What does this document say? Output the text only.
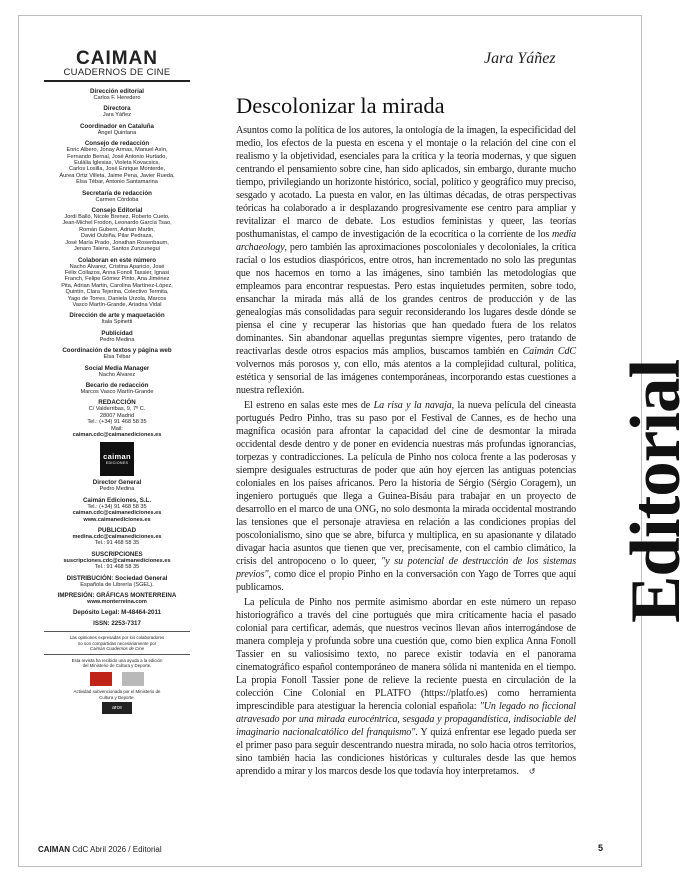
CAIMAN
CUADERNOS DE CINE
Dirección editorial
Carlos F. Heredero
Directora
Jara Yáñez
Coordinador en Cataluña
Àngel Quintana
Consejo de redacción
Enric Albero, Jonay Armas, Manuel Asín,
Fernando Bernal, José Antonio Hurtado,
Eulàlia Iglesias, Violeta Kovacsics,
Carlos Losilla, José Enrique Monterde,
Áurea Ortiz Villeta, Jaime Pena, Javier Rueda,
Elsa Tébar, Antonio Santamarina
Secretaría de redacción
Carmen Córdoba
Consejo Editorial
Jordi Balló, Nicole Brenez, Roberto Cueto,
Jean-Michel Frodon, Leonardo García Tsao,
Román Gubern, Adrian Martin,
David Oubiña, Pilar Pedraza,
José María Prado, Jonathan Rosenbaum,
Jenaro Talens, Santos Zunzunegui
Colaboran en este número
Nacho Álvarez, Cristina Aparicio, José
Félix Collazos, Anna Fonoll Tassier, Ignasi
Franch, Felipe Gómez Pinto, Ana Jiménez
Pita, Adrian Martin, Carolina Martínez-López,
Quintín, Clara Tejerina, Colectivo Termita,
Yago de Torres, Daniela Urzola, Marcos
Vasco Martín-Grande, Ariadna Vidal
Dirección de arte y maquetación
Itala Spinetti
Publicidad
Pedro Medina
Coordinación de textos y página web
Elsa Tébar
Social Media Manager
Nacho Álvarez
Becario de redacción
Marcos Vasco Martín-Grande
REDACCIÓN
C/ Valderribas, 9, 7º C.
28007 Madrid
Tel.: (+34) 91 468 58 35
Mail:
caiman.cdc@caimanediciones.es
caiman
EDICIONES
Director General
Pedro Medina
Caimán Ediciones, S.L.
Tel.: (+34) 91 468 58 35
caiman.cdc@caimanediciones.es
www.caimanediciones.es
PUBLICIDAD
medina.cdc@caimanediciones.es
Tel.: 91 468 58 35
SUSCRIPCIONES
suscripciones.cdc@caimanediciones.es
Tel.: 91 468 58 35
DISTRIBUCIÓN: Sociedad General
Española de Librería (SGEL).
IMPRESIÓN: GRÁFICAS MONTERREINA
www.monterreina.com
Depósito Legal: M-48464-2011
ISSN: 2253-7317
Las opiniones expresadas por los colaboradores
no son compartidas necesariamente por
Caimán Cuadernos de Cine
Esta revista ha recibido una ayuda a la edición
del Ministerio de Cultura y Deporte.
Actividad subvencionada por el Ministerio de
Cultura y Deporte.
arce
Jara Yáñez
Editorial
Descolonizar la mirada

Asuntos como la política de los autores, la ontología de la imagen, la especificidad del medio, los efectos de la puesta en escena y el montaje o la relación del cine con el realismo y la objetividad, esenciales para la crítica y la teoría modernas, y que siguen centrando el pensamiento sobre cine, han sido aplicados, sin embargo, durante mucho tiempo, privilegiando un horizonte histórico, social, político y geográfico muy preciso, sesgado y acotado. La puesta en valor, en las últimas décadas, de otras perspectivas teóricas ha colaborado a ir desplazando progresivamente ese centro para ampliar y revitalizar el marco de debate. Los estudios feministas y queer, las teorías posthumanistas, el campo de investigación de la ecocrítica o la corriente de los media archaeology, pero también las aproximaciones poscoloniales y decoloniales, la crítica racial o los estudios diaspóricos, entre otros, han incrementado no solo las preguntas que nos hacemos en torno a las imágenes, sino también las metodologías que empleamos para encontrar respuestas. Pero estas inquietudes permiten, sobre todo, ensanchar la mirada más allá de los grandes centros de producción y de las genealogías más consolidadas para seguir reconsiderando los lugares desde dónde se piensa el cine y recuperar las historias que han quedado fuera de los relatos dominantes. Sin abandonar aquellas preguntas siempre vigentes, pero tratando de reactivarlas desde otros espacios más amplios, buscamos también en Caimán CdC volvernos más porosos y, con ello, más atentos a la complejidad cultural, política, estética y sensorial de las imágenes contemporáneas, incorporando estas cuestiones a nuestra reflexión.

El estreno en salas este mes de La risa y la navaja, la nueva película del cineasta portugués Pedro Pinho, tras su paso por el Festival de Cannes, es de hecho una magnífica ocasión para afrontar la capacidad del cine de desmontar la mirada occidental desde dentro y de poner en evidencia nuestras más profundas ignorancias, torpezas y contradicciones. La película de Pinho nos coloca frente a las poderosas y siempre desiguales estructuras de poder que aún hoy ejercen las antiguas potencias coloniales en los países africanos. Pero la historia de Sérgio (Sérgio Coragem), un ingeniero portugués que llega a Guinea-Bisáu para trabajar en un proyecto de desarrollo en el marco de una ONG, no solo desmonta la mirada occidental mostrando las tensiones que el personaje atraviesa en relación a las condiciones propias del poscolonialismo, sino que se abre, bifurca y multiplica, en su apasionante y dilatado divagar hacia asuntos que tienen que ver, precisamente, con el cambio climático, la crisis del antropoceno o lo queer, "y su potencial de destrucción de los sistemas previos", como dice el propio Pinho en la conversación con Yago de Torres que aquí publicamos.

La película de Pinho nos permite asimismo abordar en este número un repaso historiográfico a través del cine portugués que mira críticamente hacia el pasado colonial para certificar, además, que nuestros vecinos llevan años interrogándose de manera compleja y profunda sobre una cuestión que, como bien explica Anna Fonoll Tassier en su valiosísimo texto, no parece existir todavía en el panorama cinematográfico español contemporáneo de manera sólida ni mantenida en el tiempo. La propia Fonoll Tassier pone de relieve la reciente puesta en circulación de la colección Cine Colonial en PLATFO (https://platfo.es) como herramienta imprescindible para atestiguar la herencia colonial española: "Un legado no ficcional atravesado por una mirada eurocéntrica, sesgada y propagandística, indisociable del imaginario nacionalcatólico del franquismo". Y quizá enfrentar ese legado pueda ser el primer paso para seguir descentrando nuestra mirada, no solo hacia otros territorios, sino también hacia las condiciones históricas y culturales desde las que hemos aprendido a mirar y los marcos desde los que todavía hoy interpretamos. ↺

CAIMAN CdC Abril 2026 / Editorial	5
